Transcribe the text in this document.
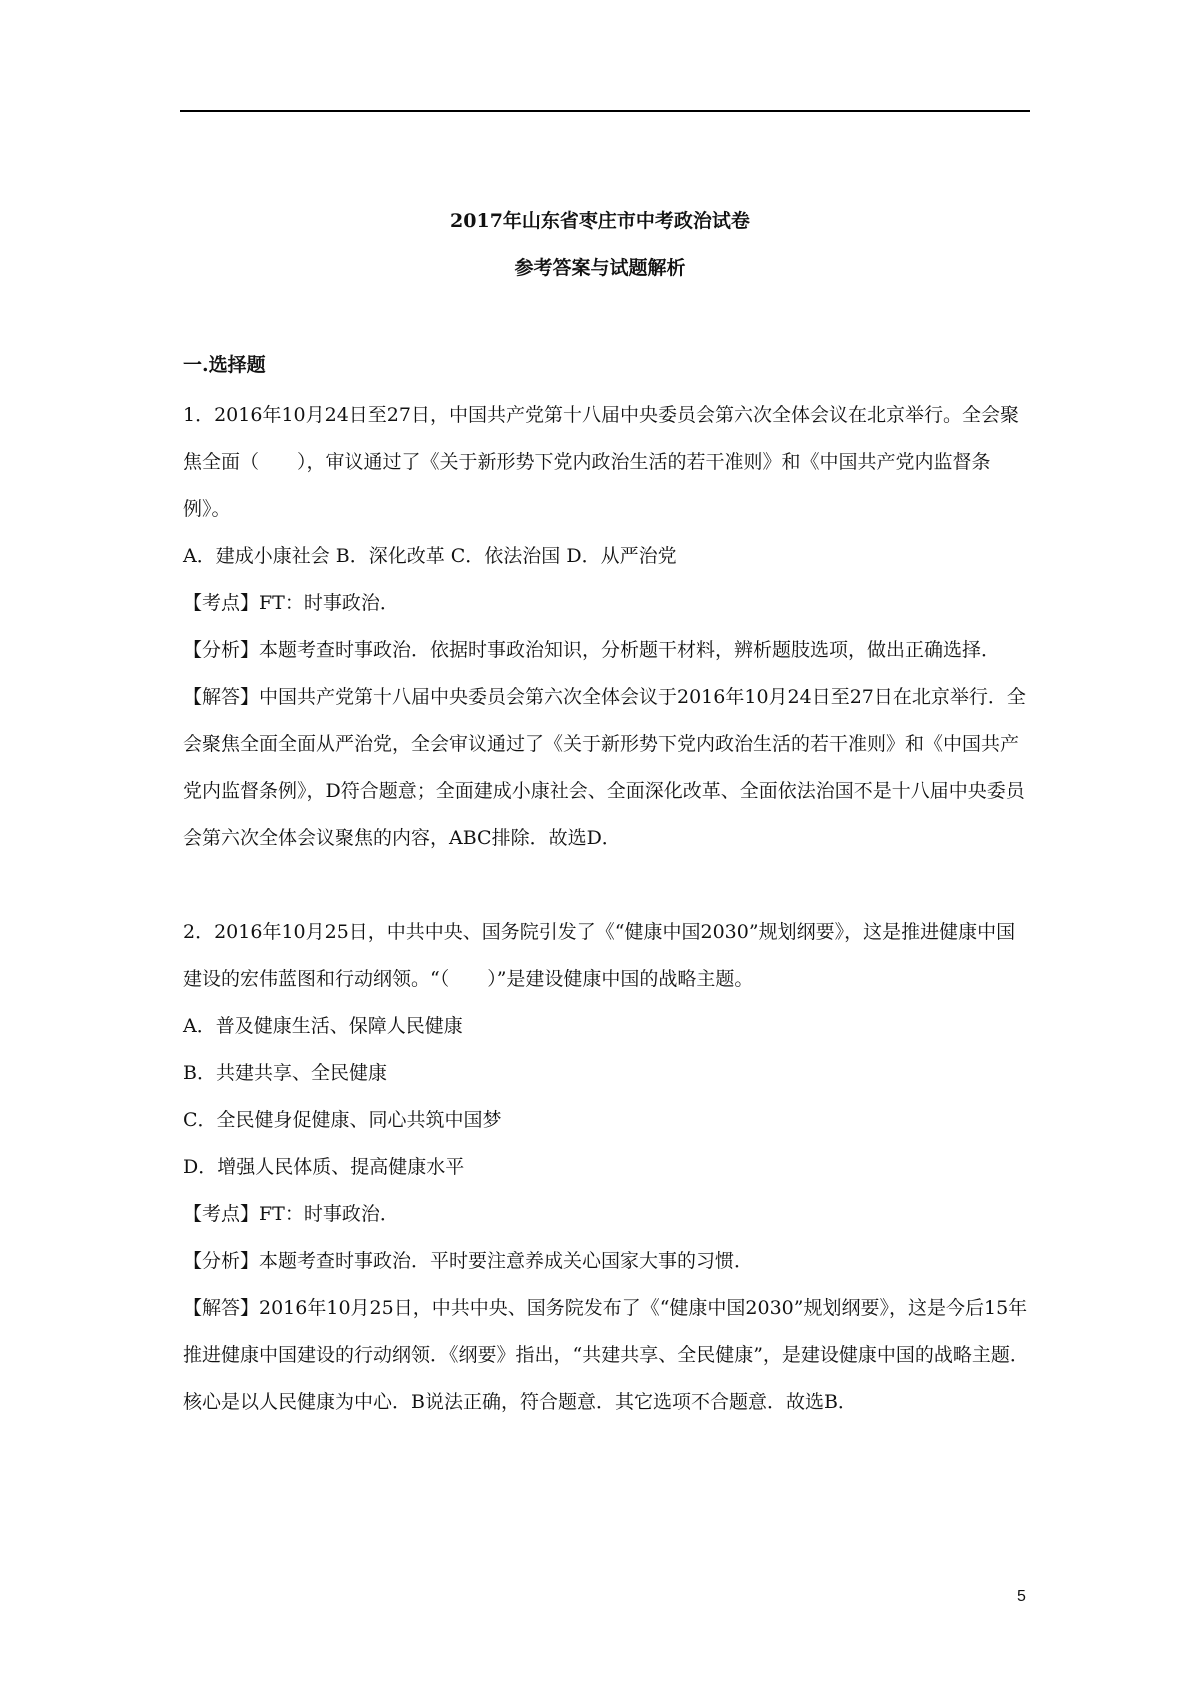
2017年山东省枣庄市中考政治试卷
参考答案与试题解析
一.选择题

1．2016年10月24日至27日，中国共产党第十八届中央委员会第六次全体会议在北京举行。全会聚焦全面（　　），审议通过了《关于新形势下党内政治生活的若干准则》和《中国共产党内监督条例》。

A．建成小康社会 B．深化改革 C．依法治国 D．从严治党

【考点】FT：时事政治．

【分析】本题考查时事政治．依据时事政治知识，分析题干材料，辨析题肢选项，做出正确选择．

【解答】中国共产党第十八届中央委员会第六次全体会议于2016年10月24日至27日在北京举行．全会聚焦全面全面从严治党，全会审议通过了《关于新形势下党内政治生活的若干准则》和《中国共产党内监督条例》，D符合题意；全面建成小康社会、全面深化改革、全面依法治国不是十八届中央委员会第六次全体会议聚焦的内容，ABC排除．故选D．

2．2016年10月25日，中共中央、国务院引发了《“健康中国2030”规划纲要》，这是推进健康中国建设的宏伟蓝图和行动纲领。“（　　）”是建设健康中国的战略主题。

A．普及健康生活、保障人民健康

B．共建共享、全民健康

C．全民健身促健康、同心共筑中国梦

D．增强人民体质、提高健康水平

【考点】FT：时事政治．

【分析】本题考查时事政治．平时要注意养成关心国家大事的习惯．

【解答】2016年10月25日，中共中央、国务院发布了《“健康中国2030”规划纲要》，这是今后15年推进健康中国建设的行动纲领．《纲要》指出，“共建共享、全民健康”，是建设健康中国的战略主题．核心是以人民健康为中心．B说法正确，符合题意．其它选项不合题意．故选B．

5
